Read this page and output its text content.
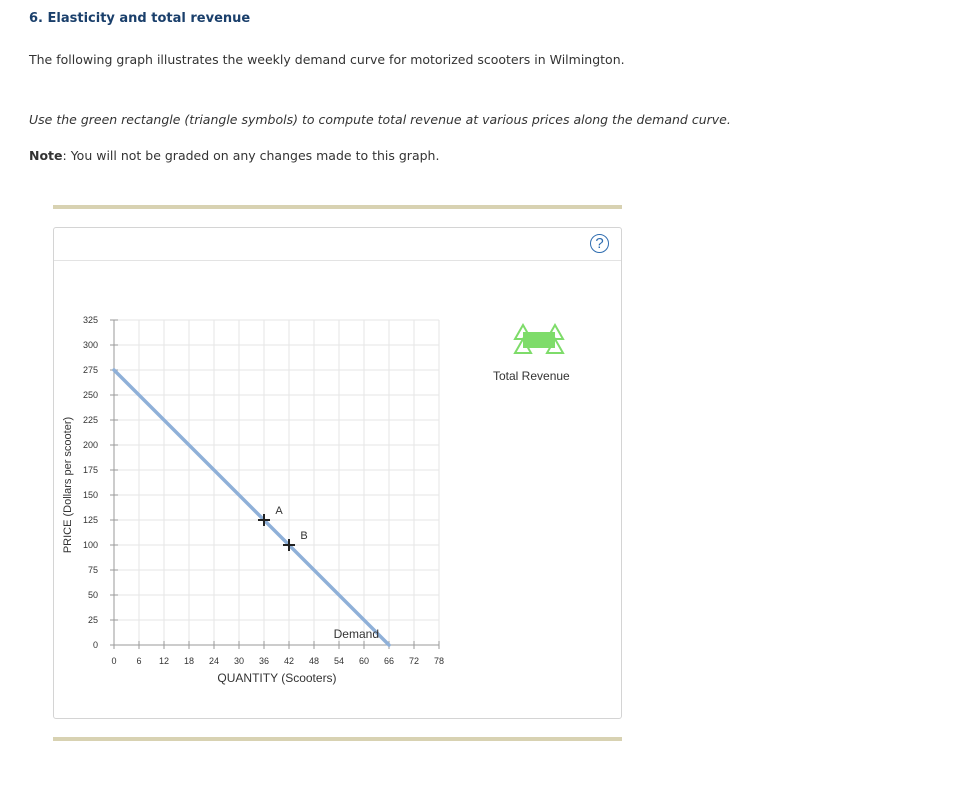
6. Elasticity and total revenue
The following graph illustrates the weekly demand curve for motorized scooters in Wilmington.
Use the green rectangle (triangle symbols) to compute total revenue at various prices along the demand curve.
Note: You will not be graded on any changes made to this graph.
?
0 6 12 18 24 30 36 42 48 54 60 66 72 78
0
25
50
75
100
125
150
175
200
225
250
275
300
325
Demand
A
B
QUANTITY (Scooters)
PRICE (Dollars per scooter)
Total Revenue
